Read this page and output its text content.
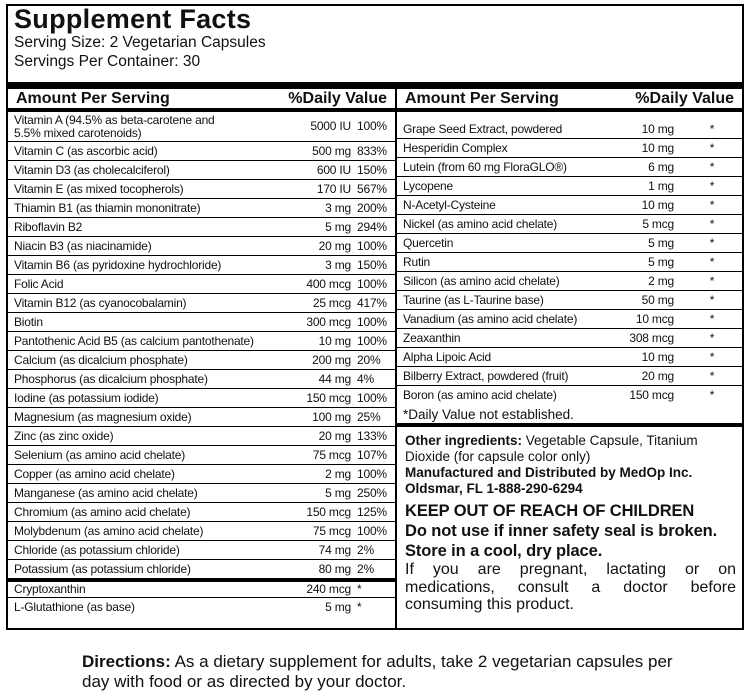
Supplement Facts
Serving Size: 2 Vegetarian Capsules
Servings Per Container: 30
Amount Per Serving	%Daily Value
Vitamin A (94.5% as beta-carotene and
5.5% mixed carotenoids)	5000 IU 100%
Vitamin C (as ascorbic acid)	500 mg 833%
Vitamin D3 (as cholecalciferol)	600 IU 150%
Vitamin E (as mixed tocopherols)	170 IU 567%
Thiamin B1 (as thiamin mononitrate)	3 mg 200%
Riboflavin B2	5 mg 294%
Niacin B3 (as niacinamide)	20 mg 100%
Vitamin B6 (as pyridoxine hydrochloride)	3 mg 150%
Folic Acid	400 mcg 100%
Vitamin B12 (as cyanocobalamin)	25 mcg 417%
Biotin	300 mcg 100%
Pantothenic Acid B5 (as calcium pantothenate)	10 mg 100%
Calcium (as dicalcium phosphate)	200 mg 20%
Phosphorus (as dicalcium phosphate)	44 mg 4%
Iodine (as potassium iodide)	150 mcg 100%
Magnesium (as magnesium oxide)	100 mg 25%
Zinc (as zinc oxide)	20 mg 133%
Selenium (as amino acid chelate)	75 mcg 107%
Copper (as amino acid chelate)	2 mg 100%
Manganese (as amino acid chelate)	5 mg 250%
Chromium (as amino acid chelate)	150 mcg 125%
Molybdenum (as amino acid chelate)	75 mcg 100%
Chloride (as potassium chloride)	74 mg 2%
Potassium (as potassium chloride)	80 mg 2%
Cryptoxanthin	240 mcg *
L-Glutathione (as base)	5 mg *
Amount Per Serving	%Daily Value
Grape Seed Extract, powdered	10 mg	*
Hesperidin Complex	10 mg	*
Lutein (from 60 mg FloraGLO®)	6 mg	*
Lycopene	1 mg	*
N-Acetyl-Cysteine	10 mg	*
Nickel (as amino acid chelate)	5 mcg	*
Quercetin	5 mg	*
Rutin	5 mg	*
Silicon (as amino acid chelate)	2 mg	*
Taurine (as L-Taurine base)	50 mg	*
Vanadium (as amino acid chelate)	10 mcg	*
Zeaxanthin	308 mcg	*
Alpha Lipoic Acid	10 mg	*
Bilberry Extract, powdered (fruit)	20 mg	*
Boron (as amino acid chelate)	150 mcg	*
*Daily Value not established.
Other ingredients: Vegetable Capsule, Titanium Dioxide (for capsule color only)
Manufactured and Distributed by MedOp Inc.
Oldsmar, FL 1-888-290-6294
KEEP OUT OF REACH OF CHILDREN
Do not use if inner safety seal is broken.
Store in a cool, dry place.
If you are pregnant, lactating or on medications, consult a doctor before consuming this product.
Directions: As a dietary supplement for adults, take 2 vegetarian capsules per day with food or as directed by your doctor.
